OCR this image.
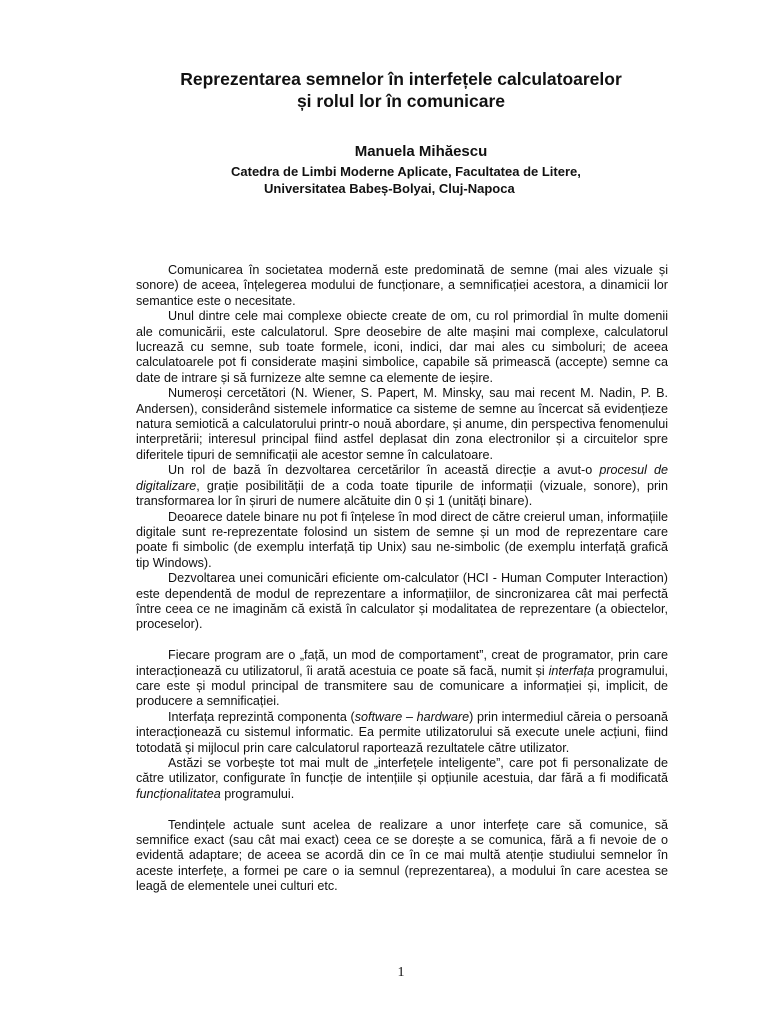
Reprezentarea semnelor în interfețele calculatoarelor
și rolul lor în comunicare
Manuela Mihăescu
Catedra de Limbi Moderne Aplicate, Facultatea de Litere,
Universitatea Babeș-Bolyai, Cluj-Napoca

Comunicarea în societatea modernă este predominată de semne (mai ales vizuale și sonore) de aceea, înțelegerea modului de funcționare, a semnificației acestora, a dinamicii lor semantice este o necesitate.

Unul dintre cele mai complexe obiecte create de om, cu rol primordial în multe domenii ale comunicării, este calculatorul. Spre deosebire de alte mașini mai complexe, calculatorul lucrează cu semne, sub toate formele, iconi, indici, dar mai ales cu simboluri; de aceea calculatoarele pot fi considerate mașini simbolice, capabile să primească (accepte) semne ca date de intrare și să furnizeze alte semne ca elemente de ieșire.

Numeroși cercetători (N. Wiener, S. Papert, M. Minsky, sau mai recent M. Nadin, P. B. Andersen), considerând sistemele informatice ca sisteme de semne au încercat să evidențieze natura semiotică a calculatorului printr-o nouă abordare, și anume, din perspectiva fenomenului interpretării; interesul principal fiind astfel deplasat din zona electronilor și a circuitelor spre diferitele tipuri de semnificații ale acestor semne în calculatoare.

Un rol de bază în dezvoltarea cercetărilor în această direcție a avut-o procesul de digitalizare, grație posibilității de a coda toate tipurile de informații (vizuale, sonore), prin transformarea lor în șiruri de numere alcătuite din 0 și 1 (unități binare).

Deoarece datele binare nu pot fi înțelese în mod direct de către creierul uman, informațiile digitale sunt re-reprezentate folosind un sistem de semne și un mod de reprezentare care poate fi simbolic (de exemplu interfață tip Unix) sau ne-simbolic (de exemplu interfață grafică tip Windows).

Dezvoltarea unei comunicări eficiente om-calculator (HCI - Human Computer Interaction) este dependentă de modul de reprezentare a informațiilor, de sincronizarea cât mai perfectă între ceea ce ne imaginăm că există în calculator și modalitatea de reprezentare (a obiectelor, proceselor).

Fiecare program are o „față, un mod de comportament”, creat de programator, prin care interacționează cu utilizatorul, îi arată acestuia ce poate să facă, numit și interfața programului, care este și modul principal de transmitere sau de comunicare a informației și, implicit, de producere a semnificației.

Interfața reprezintă componenta (software – hardware) prin intermediul căreia o persoană interacționează cu sistemul informatic. Ea permite utilizatorului să execute unele acțiuni, fiind totodată și mijlocul prin care calculatorul raportează rezultatele către utilizator.

Astăzi se vorbește tot mai mult de „interfețele inteligente”, care pot fi personalizate de către utilizator, configurate în funcție de intențiile și opțiunile acestuia, dar fără a fi modificată funcționalitatea programului.

Tendințele actuale sunt acelea de realizare a unor interfețe care să comunice, să semnifice exact (sau cât mai exact) ceea ce se dorește a se comunica, fără a fi nevoie de o evidentă adaptare; de aceea se acordă din ce în ce mai multă atenție studiului semnelor în aceste interfețe, a formei pe care o ia semnul (reprezentarea), a modului în care acestea se leagă de elementele unei culturi etc.

1
